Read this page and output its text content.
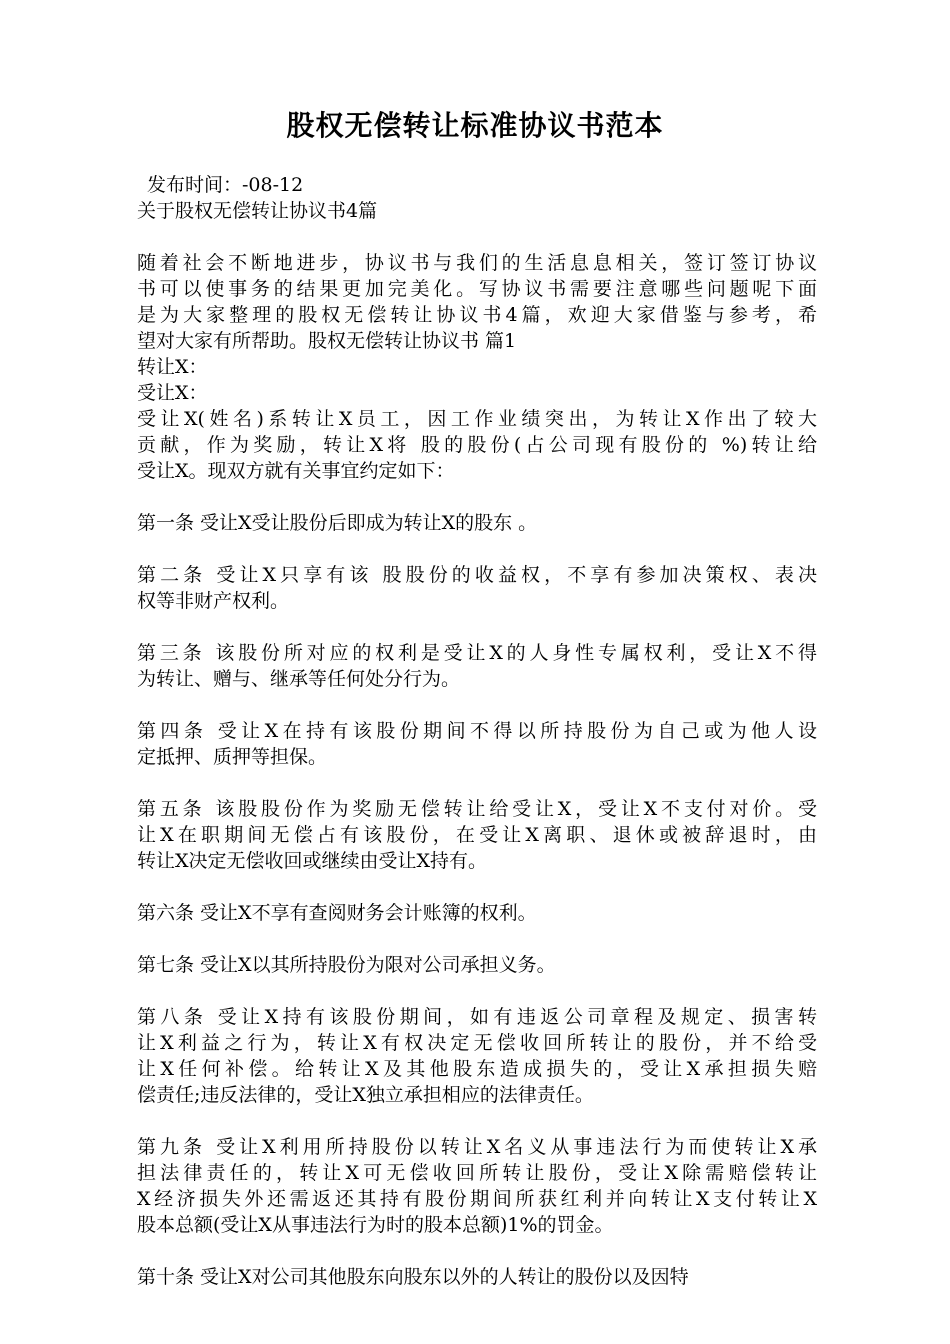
股权无偿转让标准协议书范本
发布时间：-08-12
关于股权无偿转让协议书4篇
随着社会不断地进步，协议书与我们的生活息息相关，签订签订协议
书可以使事务的结果更加完美化。写协议书需要注意哪些问题呢下面
是为大家整理的股权无偿转让协议书4篇，欢迎大家借鉴与参考，希
望对大家有所帮助。股权无偿转让协议书 篇1
转让X：
受让X：
受让X(姓名)系转让X员工，因工作业绩突出，为转让X作出了较大
贡献，作为奖励，转让X将 股的股份(占公司现有股份的 %)转让给
受让X。现双方就有关事宜约定如下：
第一条 受让X受让股份后即成为转让X的股东 。
第二条 受让X只享有该 股股份的收益权，不享有参加决策权、表决
权等非财产权利。
第三条 该股份所对应的权利是受让X的人身性专属权利，受让X不得
为转让、赠与、继承等任何处分行为。
第四条 受让X在持有该股份期间不得以所持股份为自己或为他人设
定抵押、质押等担保。
第五条 该股股份作为奖励无偿转让给受让X，受让X不支付对价。受
让X在职期间无偿占有该股份，在受让X离职、退休或被辞退时，由
转让X决定无偿收回或继续由受让X持有。
第六条 受让X不享有查阅财务会计账簿的权利。
第七条 受让X以其所持股份为限对公司承担义务。
第八条 受让X持有该股份期间，如有违返公司章程及规定、损害转
让X利益之行为，转让X有权决定无偿收回所转让的股份，并不给受
让X任何补偿。给转让X及其他股东造成损失的，受让X承担损失赔
偿责任;违反法律的，受让X独立承担相应的法律责任。
第九条 受让X利用所持股份以转让X名义从事违法行为而使转让X承
担法律责任的，转让X可无偿收回所转让股份，受让X除需赔偿转让
X经济损失外还需返还其持有股份期间所获红利并向转让X支付转让X
股本总额(受让X从事违法行为时的股本总额)1%的罚金。
第十条 受让X对公司其他股东向股东以外的人转让的股份以及因特
